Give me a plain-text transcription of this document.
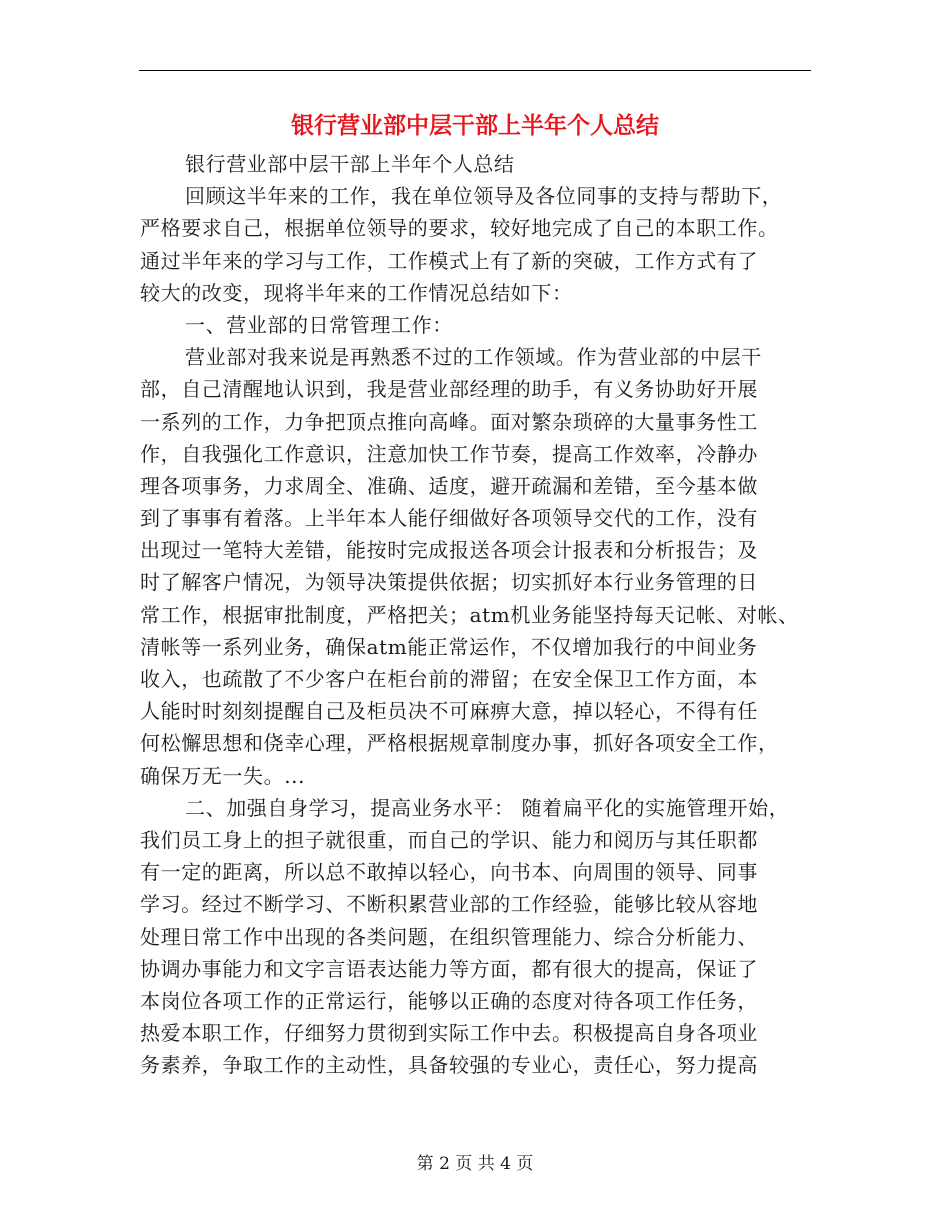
银行营业部中层干部上半年个人总结
银行营业部中层干部上半年个人总结
回顾这半年来的工作，我在单位领导及各位同事的支持与帮助下，
严格要求自己，根据单位领导的要求，较好地完成了自己的本职工作。
通过半年来的学习与工作，工作模式上有了新的突破，工作方式有了
较大的改变，现将半年来的工作情况总结如下：
一、营业部的日常管理工作：
营业部对我来说是再熟悉不过的工作领域。作为营业部的中层干
部，自己清醒地认识到，我是营业部经理的助手，有义务协助好开展
一系列的工作，力争把顶点推向高峰。面对繁杂琐碎的大量事务性工
作，自我强化工作意识，注意加快工作节奏，提高工作效率，冷静办
理各项事务，力求周全、准确、适度，避开疏漏和差错，至今基本做
到了事事有着落。上半年本人能仔细做好各项领导交代的工作，没有
出现过一笔特大差错，能按时完成报送各项会计报表和分析报告；及
时了解客户情况，为领导决策提供依据；切实抓好本行业务管理的日
常工作，根据审批制度，严格把关；atm机业务能坚持每天记帐、对帐、
清帐等一系列业务，确保atm能正常运作，不仅增加我行的中间业务
收入，也疏散了不少客户在柜台前的滞留；在安全保卫工作方面，本
人能时时刻刻提醒自己及柜员决不可麻痹大意，掉以轻心，不得有任
何松懈思想和侥幸心理，严格根据规章制度办事，抓好各项安全工作，
确保万无一失。...
二、加强自身学习，提高业务水平： 随着扁平化的实施管理开始，
我们员工身上的担子就很重，而自己的学识、能力和阅历与其任职都
有一定的距离，所以总不敢掉以轻心，向书本、向周围的领导、同事
学习。经过不断学习、不断积累营业部的工作经验，能够比较从容地
处理日常工作中出现的各类问题，在组织管理能力、综合分析能力、
协调办事能力和文字言语表达能力等方面，都有很大的提高，保证了
本岗位各项工作的正常运行，能够以正确的态度对待各项工作任务，
热爱本职工作，仔细努力贯彻到实际工作中去。积极提高自身各项业
务素养，争取工作的主动性，具备较强的专业心，责任心，努力提高
第 2 页 共 4 页
